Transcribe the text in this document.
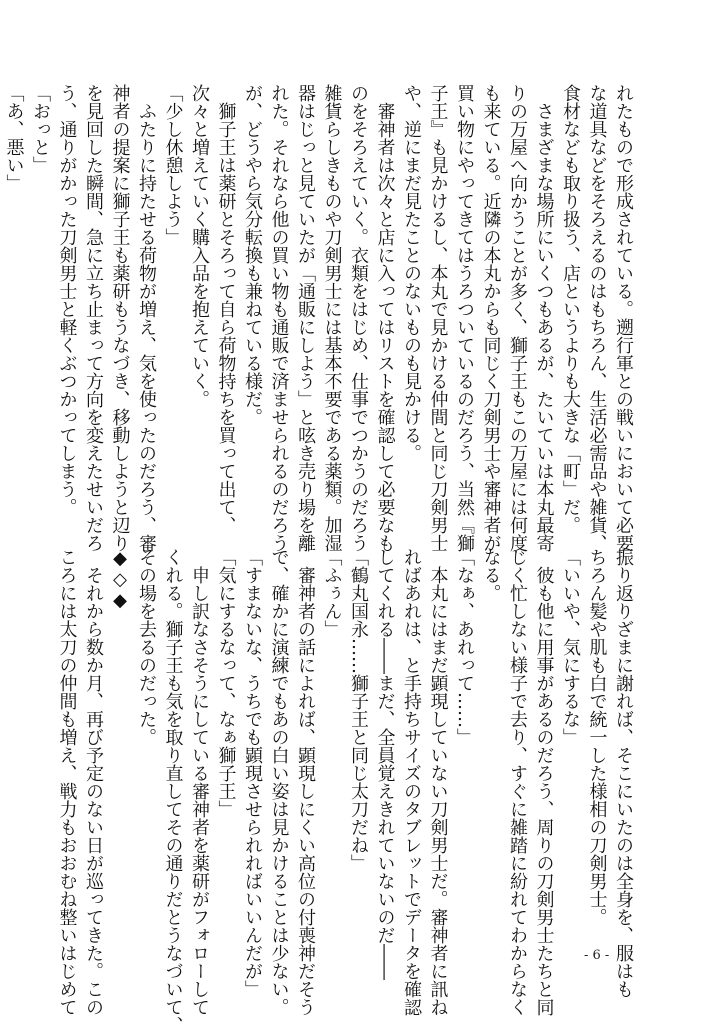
れたもので形成されている。遡行軍との戦いにおいて必要

な道具などをそろえるのはもちろん、生活必需品や雑貨、

食材なども取り扱う、店というよりも大きな「町」だ。

　さまざまな場所にいくつもあるが、たいていは本丸最寄

りの万屋へ向かうことが多く、獅子王もこの万屋には何度

も来ている。近隣の本丸からも同じく刀剣男士や審神者が

買い物にやってきてはうろついているのだろう、当然『獅

子王』も見かけるし、本丸で見かける仲間と同じ刀剣男士

や、逆にまだ見たことのないものも見かける。

　審神者は次々と店に入ってはリストを確認して必要なも

のをそろえていく。衣類をはじめ、仕事でつかうのだろう

雑貨らしきものや刀剣男士には基本不要である薬類。加湿

器はじっと見ていたが「通販にしよう」と呟き売り場を離

れた。それなら他の買い物も通販で済ませられるのだろう

が、どうやら気分転換も兼ねている様だ。

　獅子王は薬研とそろって自ら荷物持ちを買って出て、

次々と増えていく購入品を抱えていく。

「少し休憩しよう」

　ふたりに持たせる荷物が増え、気を使ったのだろう、審

神者の提案に獅子王も薬研もうなづき、移動しようと辺り

を見回した瞬間、急に立ち止まって方向を変えたせいだろ

う、通りがかった刀剣男士と軽くぶつかってしまう。

「おっと」

「あ、悪い」

振り返りざまに謝れば、そこにいたのは全身を、服はも

ちろん髪や肌も白で統一した様相の刀剣男士。

「いいや、気にするな」

　彼も他に用事があるのだろう、周りの刀剣男士たちと同

じく忙しない様子で去り、すぐに雑踏に紛れてわからなく

なる。

「なぁ、あれって……」

　本丸にはまだ顕現していない刀剣男士だ。審神者に訊ね

ればあれは、と手持ちサイズのタブレットでデータを確認

してくれる――まだ、全員覚えきれていないのだ――

「鶴丸国永……獅子王と同じ太刀だね」

「ふぅん」

　審神者の話によれば、顕現しにくい高位の付喪神だそう

で、確かに演練でもあの白い姿は見かけることは少ない。

「すまないな、うちでも顕現させられればいいんだが」

「気にするなって、なぁ獅子王」

　申し訳なさそうにしている審神者を薬研がフォローして

くれる。獅子王も気を取り直してその通りだとうなづいて、

その場を去るのだった。

◆◇◆

　それから数か月、再び予定のない日が巡ってきた。この

ころには太刀の仲間も増え、戦力もおおむね整いはじめて	- 6 -
